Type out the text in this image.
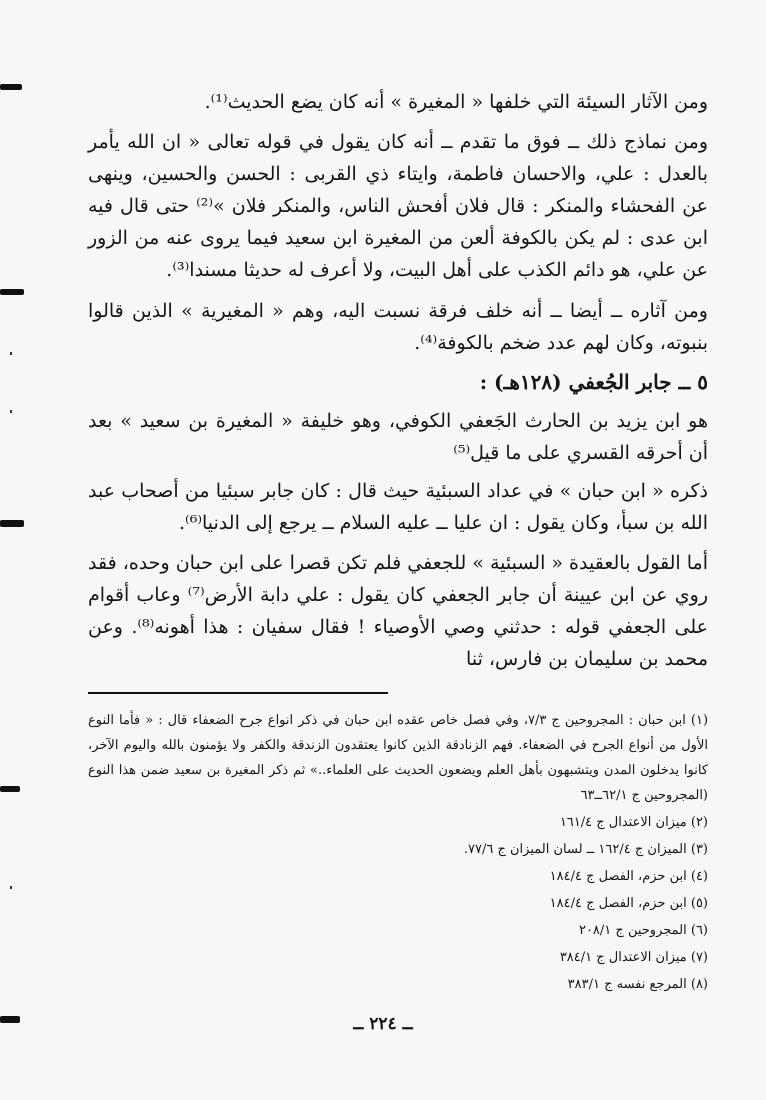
ومن الآثار السيئة التي خلفها « المغيرة » أنه كان يضع الحديث⁽¹⁾.

ومن نماذج ذلك ــ فوق ما تقدم ــ أنه كان يقول في قوله تعالى « ان الله يأمر بالعدل : علي، والاحسان فاطمة، وايتاء ذي القربى : الحسن والحسين، وينهى عن الفحشاء والمنكر : قال فلان أفحش الناس، والمنكر فلان »⁽²⁾ حتى قال فيه ابن عدى : لم يكن بالكوفة ألعن من المغيرة ابن سعيد فيما يروى عنه من الزور عن علي، هو دائم الكذب على أهل البيت، ولا أعرف له حديثا مسندا⁽³⁾.

ومن آثاره ــ أيضا ــ أنه خلف فرقة نسبت اليه، وهم « المغيرية » الذين قالوا بنبوته، وكان لهم عدد ضخم بالكوفة⁽⁴⁾.

٥ ــ جابر الجُعفي (١٢٨هـ) :

هو ابن يزيد بن الحارث الجَعفي الكوفي، وهو خليفة « المغيرة بن سعيد » بعد أن أحرقه القسري على ما قيل⁽⁵⁾

ذكره « ابن حبان » في عداد السبئية حيث قال : كان جابر سبئيا من أصحاب عبد الله بن سبأ، وكان يقول : ان عليا ــ عليه السلام ــ يرجع إلى الدنيا⁽⁶⁾.

أما القول بالعقيدة « السبئية » للجعفي فلم تكن قصرا على ابن حبان وحده، فقد روي عن ابن عيينة أن جابر الجعفي كان يقول : علي دابة الأرض⁽⁷⁾ وعاب أقوام على الجعفي قوله : حدثني وصي الأوصياء ! فقال سفيان : هذا أهونه⁽⁸⁾. وعن محمد بن سليمان بن فارس، ثنا

(١) ابن حبان : المجروحين ج ٧/٣، وفي فصل خاص عقده ابن حبان في ذكر انواع جرح الضعفاء قال : « فأما النوع الأول من أنواع الجرح في الضعفاء. فهم الزنادقة الذين كانوا يعتقدون الزندقة والكفر ولا يؤمنون بالله واليوم الآخر، كانوا يدخلون المدن ويتشبهون بأهل العلم ويضعون الحديث على العلماء..» ثم ذكر المغيرة بن سعيد ضمن هذا النوع (المجروحين ج ٦٢/١ــ٦٣

(٢) ميزان الاعتدال ج ١٦١/٤

(٣) الميزان ج ١٦٢/٤ ــ لسان الميزان ج ٧٧/٦.

(٤) ابن حزم، الفصل ج ١٨٤/٤

(٥) ابن حزم، الفصل ج ١٨٤/٤

(٦) المجروحين ج ٢٠٨/١

(٧) ميزان الاعتدال ج ٣٨٤/١

(٨) المرجع نفسه ج ٣٨٣/١

ــ ٢٢٤ ــ
